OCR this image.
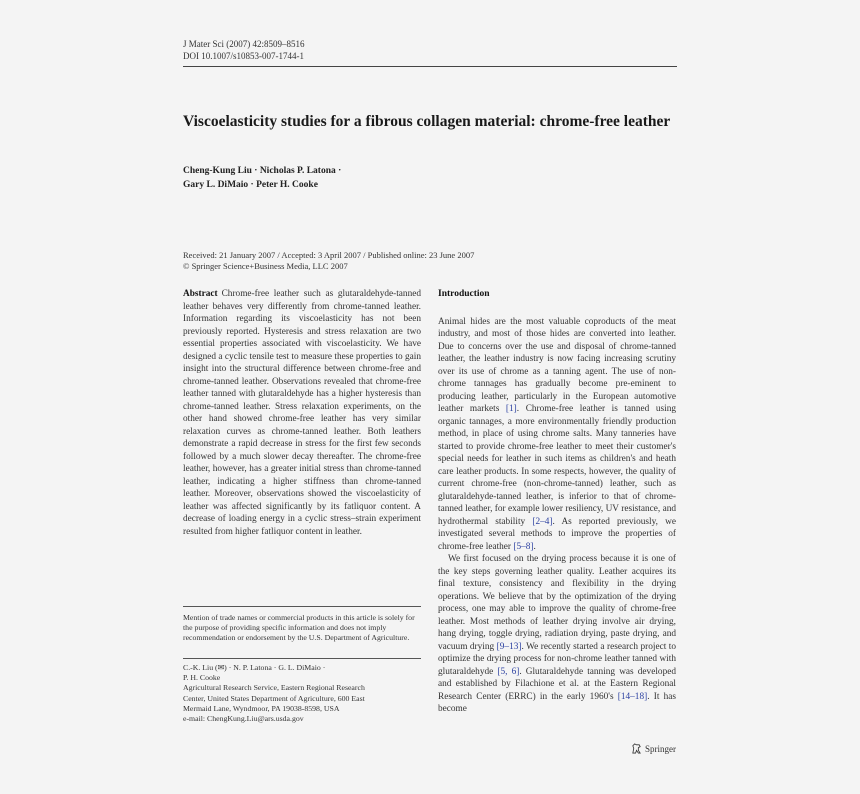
J Mater Sci (2007) 42:8509–8516
DOI 10.1007/s10853-007-1744-1
Viscoelasticity studies for a fibrous collagen material: chrome-free leather
Cheng-Kung Liu · Nicholas P. Latona ·
Gary L. DiMaio · Peter H. Cooke
Received: 21 January 2007 / Accepted: 3 April 2007 / Published online: 23 June 2007
© Springer Science+Business Media, LLC 2007

Abstract Chrome-free leather such as glutaraldehyde-tanned leather behaves very differently from chrome-tanned leather. Information regarding its viscoelasticity has not been previously reported. Hysteresis and stress relaxation are two essential properties associated with viscoelasticity. We have designed a cyclic tensile test to measure these properties to gain insight into the structural difference between chrome-free and chrome-tanned leather. Observations revealed that chrome-free leather tanned with glutaraldehyde has a higher hysteresis than chrome-tanned leather. Stress relaxation experiments, on the other hand showed chrome-free leather has very similar relaxation curves as chrome-tanned leather. Both leathers demonstrate a rapid decrease in stress for the first few seconds followed by a much slower decay thereafter. The chrome-free leather, however, has a greater initial stress than chrome-tanned leather, indicating a higher stiffness than chrome-tanned leather. Moreover, observations showed the viscoelasticity of leather was affected significantly by its fatliquor content. A decrease of loading energy in a cyclic stress–strain experiment resulted from higher fatliquor content in leather.

Mention of trade names or commercial products in this article is solely for the purpose of providing specific information and does not imply recommendation or endorsement by the U.S. Department of Agriculture.
C.-K. Liu (✉) · N. P. Latona · G. L. DiMaio ·
P. H. Cooke
Agricultural Research Service, Eastern Regional Research
Center, United States Department of Agriculture, 600 East
Mermaid Lane, Wyndmoor, PA 19038-8598, USA
e-mail: ChengKung.Liu@ars.usda.gov
Introduction

Animal hides are the most valuable coproducts of the meat industry, and most of those hides are converted into leather. Due to concerns over the use and disposal of chrome-tanned leather, the leather industry is now facing increasing scrutiny over its use of chrome as a tanning agent. The use of non-chrome tannages has gradually become pre-eminent to producing leather, particularly in the European automotive leather markets [1]. Chrome-free leather is tanned using organic tannages, a more environmentally friendly production method, in place of using chrome salts. Many tanneries have started to provide chrome-free leather to meet their customer's special needs for leather in such items as children's and heath care leather products. In some respects, however, the quality of current chrome-free (non-chrome-tanned) leather, such as glutaraldehyde-tanned leather, is inferior to that of chrome-tanned leather, for example lower resiliency, UV resistance, and hydrothermal stability [2–4]. As reported previously, we investigated several methods to improve the properties of chrome-free leather [5–8].

We first focused on the drying process because it is one of the key steps governing leather quality. Leather acquires its final texture, consistency and flexibility in the drying operations. We believe that by the optimization of the drying process, one may able to improve the quality of chrome-free leather. Most methods of leather drying involve air drying, hang drying, toggle drying, radiation drying, paste drying, and vacuum drying [9–13]. We recently started a research project to optimize the drying process for non-chrome leather tanned with glutaraldehyde [5, 6]. Glutaraldehyde tanning was developed and established by Filachione et al. at the Eastern Regional Research Center (ERRC) in the early 1960's [14–18]. It has become

Springer
